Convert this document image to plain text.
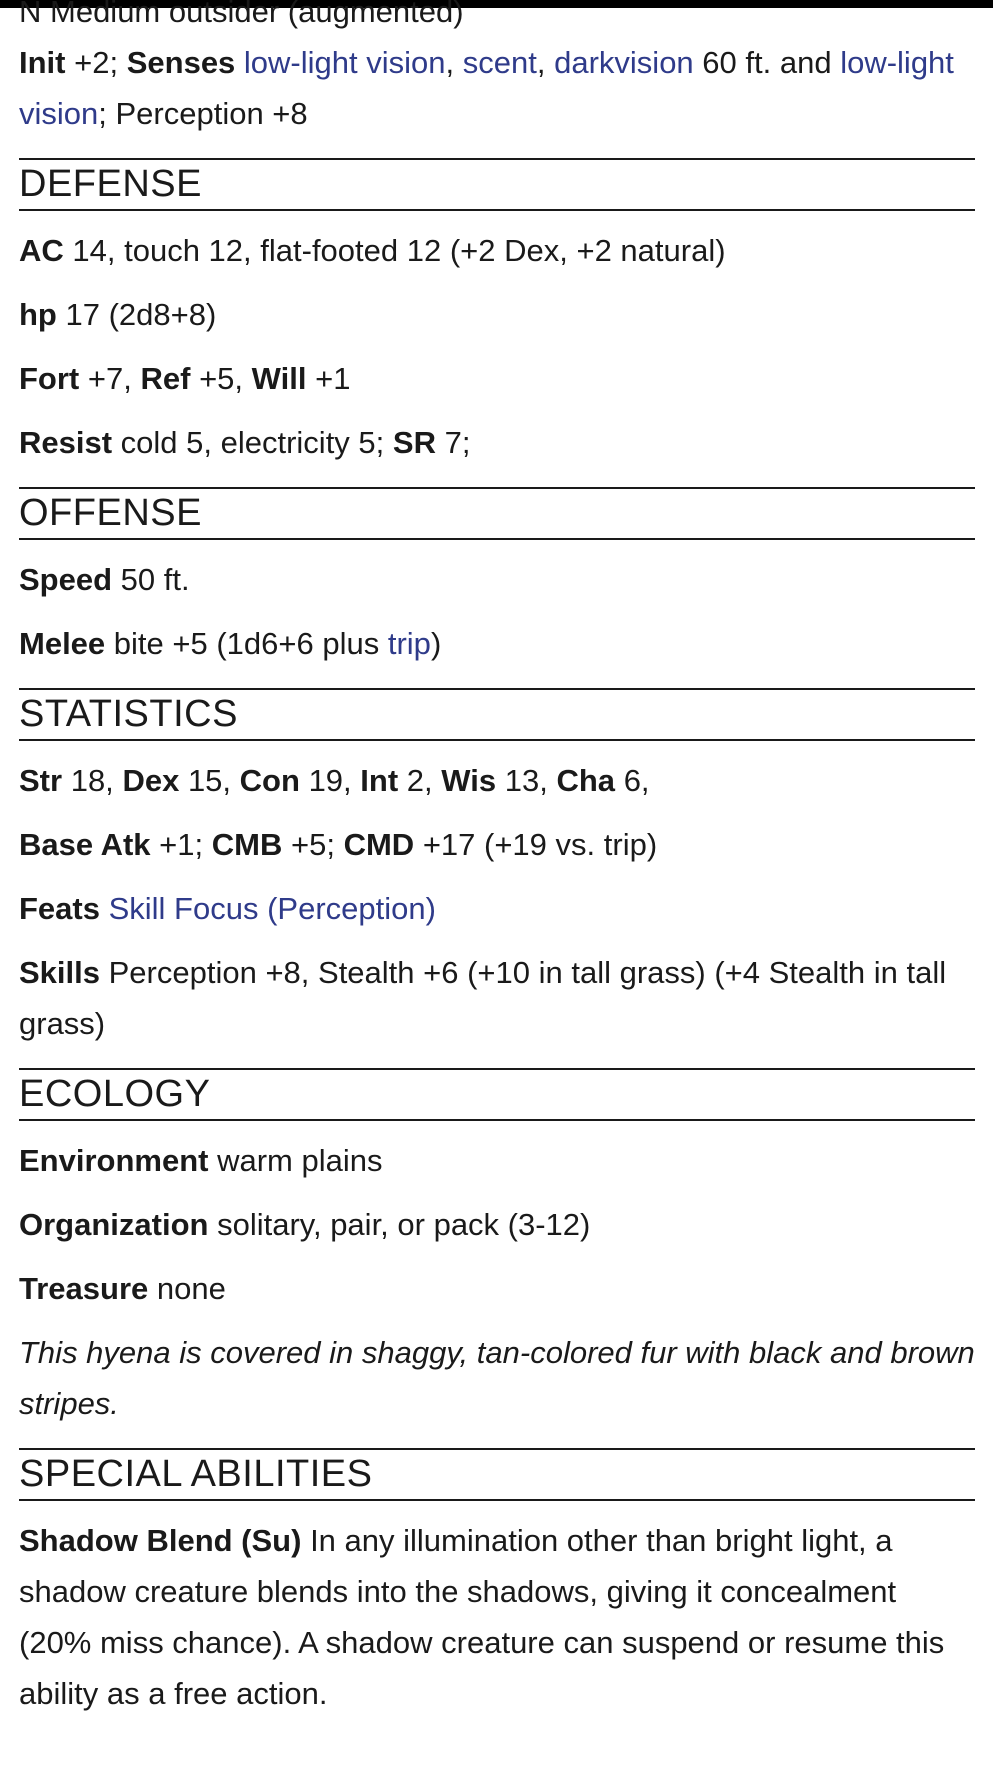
N Medium outsider (augmented)

Init +2; Senses low-light vision, scent, darkvision 60 ft. and low-light vision; Perception +8

DEFENSE

AC 14, touch 12, flat-footed 12 (+2 Dex, +2 natural)

hp 17 (2d8+8)

Fort +7, Ref +5, Will +1

Resist cold 5, electricity 5; SR 7;

OFFENSE

Speed 50 ft.

Melee bite +5 (1d6+6 plus trip)

STATISTICS

Str 18, Dex 15, Con 19, Int 2, Wis 13, Cha 6,

Base Atk +1; CMB +5; CMD +17 (+19 vs. trip)

Feats Skill Focus (Perception)

Skills Perception +8, Stealth +6 (+10 in tall grass) (+4 Stealth in tall grass)

ECOLOGY

Environment warm plains

Organization solitary, pair, or pack (3-12)

Treasure none

This hyena is covered in shaggy, tan-colored fur with black and brown stripes.

SPECIAL ABILITIES

Shadow Blend (Su) In any illumination other than bright light, a shadow creature blends into the shadows, giving it concealment (20% miss chance). A shadow creature can suspend or resume this ability as a free action.
